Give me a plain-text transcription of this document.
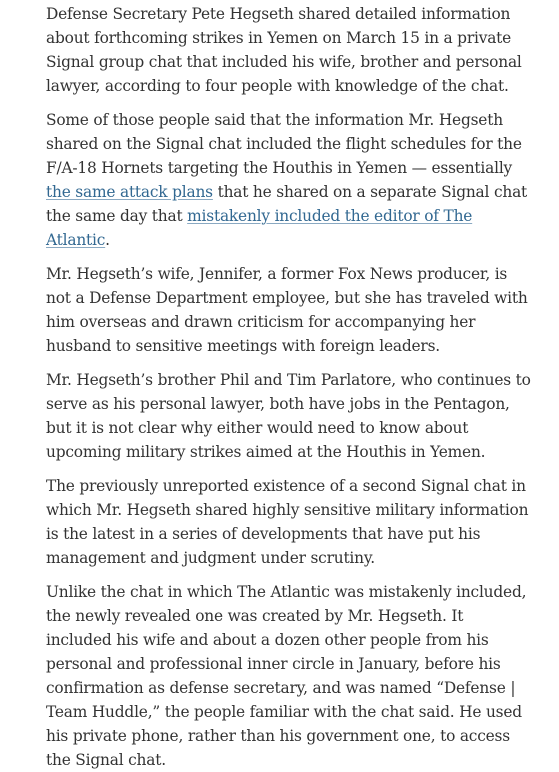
Defense Secretary Pete Hegseth shared detailed information about forthcoming strikes in Yemen on March 15 in a private Signal group chat that included his wife, brother and personal lawyer, according to four people with knowledge of the chat.

Some of those people said that the information Mr. Hegseth shared on the Signal chat included the flight schedules for the F/A-18 Hornets targeting the Houthis in Yemen — essentially the same attack plans that he shared on a separate Signal chat the same day that mistakenly included the editor of The Atlantic.

Mr. Hegseth’s wife, Jennifer, a former Fox News producer, is not a Defense Department employee, but she has traveled with him overseas and drawn criticism for accompanying her husband to sensitive meetings with foreign leaders.

Mr. Hegseth’s brother Phil and Tim Parlatore, who continues to serve as his personal lawyer, both have jobs in the Pentagon, but it is not clear why either would need to know about upcoming military strikes aimed at the Houthis in Yemen.

The previously unreported existence of a second Signal chat in which Mr. Hegseth shared highly sensitive military information is the latest in a series of developments that have put his management and judgment under scrutiny.

Unlike the chat in which The Atlantic was mistakenly included, the newly revealed one was created by Mr. Hegseth. It included his wife and about a dozen other people from his personal and professional inner circle in January, before his confirmation as defense secretary, and was named “Defense | Team Huddle,” the people familiar with the chat said. He used his private phone, rather than his government one, to access the Signal chat.
